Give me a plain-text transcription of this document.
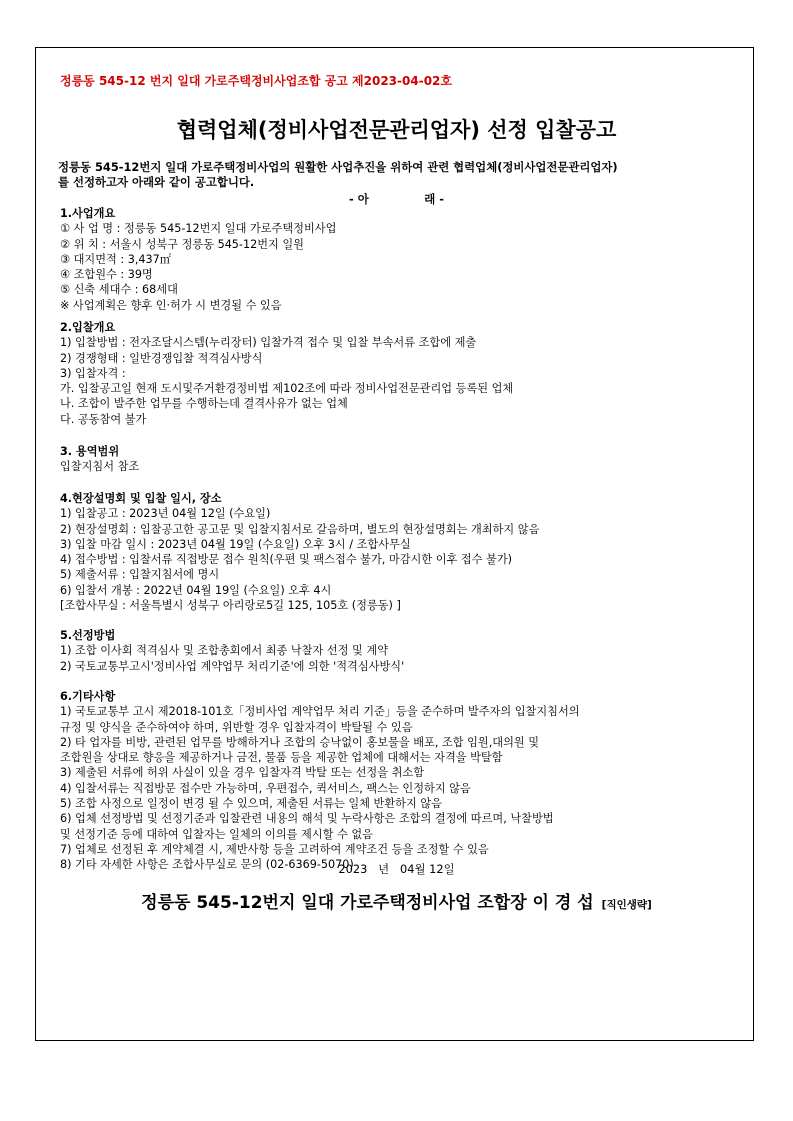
정릉동 545-12 번지 일대 가로주택정비사업조합 공고 제2023-04-02호
협력업체(정비사업전문관리업자) 선정 입찰공고
정릉동 545-12번지 일대 가로주택정비사업의 원활한 사업추진을 위하여 관련 협력업체(정비사업전문관리업자)
를 선정하고자 아래와 같이 공고합니다.
- 아              래 -
1.사업개요
① 사 업 명 : 정릉동 545-12번지 일대 가로주택정비사업
② 위 치 : 서울시 성북구 정릉동 545-12번지 일원
③ 대지면적 : 3,437㎡
④ 조합원수 : 39명
⑤ 신축 세대수 : 68세대
※ 사업계획은 향후 인·허가 시 변경될 수 있음
2.입찰개요
1) 입찰방법 : 전자조달시스템(누리장터) 입찰가격 접수 및 입찰 부속서류 조합에 제출
2) 경쟁형태 : 일반경쟁입찰 적격심사방식
3) 입찰자격 :
가. 입찰공고일 현재 도시및주거환경정비법 제102조에 따라 정비사업전문관리업 등록된 업체
나. 조합이 발주한 업무를 수행하는데 결격사유가 없는 업체
다. 공동참여 불가
3. 용역범위
입찰지침서 참조
4.현장설명회 및 입찰 일시, 장소
1) 입찰공고 : 2023년 04월 12일 (수요일)
2) 현장설명회 : 입찰공고한 공고문 및 입찰지침서로 갈음하며, 별도의 현장설명회는 개최하지 않음
3) 입찰 마감 일시 : 2023년 04월 19일 (수요일) 오후 3시 / 조합사무실
4) 접수방법 : 입찰서류 직접방문 접수 원칙(우편 및 팩스접수 불가, 마감시한 이후 접수 불가)
5) 제출서류 : 입찰지침서에 명시
6) 입찰서 개봉 : 2022년 04월 19일 (수요일) 오후 4시
[조합사무실 : 서울특별시 성북구 아리랑로5길 125, 105호 (정릉동) ]
5.선정방법
1) 조합 이사회 적격심사 및 조합총회에서 최종 낙찰자 선정 및 계약
2) 국토교통부고시'정비사업 계약업무 처리기준'에 의한 '적격심사방식'
6.기타사항
1) 국토교통부 고시 제2018-101호「정비사업 계약업무 처리 기준」등을 준수하며 발주자의 입찰지침서의
규정 및 양식을 준수하여야 하며, 위반할 경우 입찰자격이 박탈될 수 있음
2) 타 업자를 비방, 관련된 업무를 방해하거나 조합의 승낙없이 홍보물을 배포, 조합 임원,대의원 및
조합원을 상대로 향응을 제공하거나 금전, 물품 등을 제공한 업체에 대해서는 자격을 박탈함
3) 제출된 서류에 허위 사실이 있을 경우 입찰자격 박탈 또는 선정을 취소함
4) 입찰서류는 직접방문 접수만 가능하며, 우편접수, 퀵서비스, 팩스는 인정하지 않음
5) 조합 사정으로 일정이 변경 될 수 있으며, 제출된 서류는 일체 반환하지 않음
6) 업체 선정방법 및 선정기준과 입찰관련 내용의 해석 및 누락사항은 조합의 결정에 따르며, 낙찰방법
및 선정기준 등에 대하여 입찰자는 일체의 이의를 제시할 수 없음
7) 업체로 선정된 후 계약체결 시, 제반사항 등을 고려하여 계약조건 등을 조정할 수 있음
8) 기타 자세한 사항은 조합사무실로 문의 (02-6369-5070)
2023   년   04월 12일
정릉동 545-12번지 일대 가로주택정비사업 조합장 이 경 섭 [직인생략]
